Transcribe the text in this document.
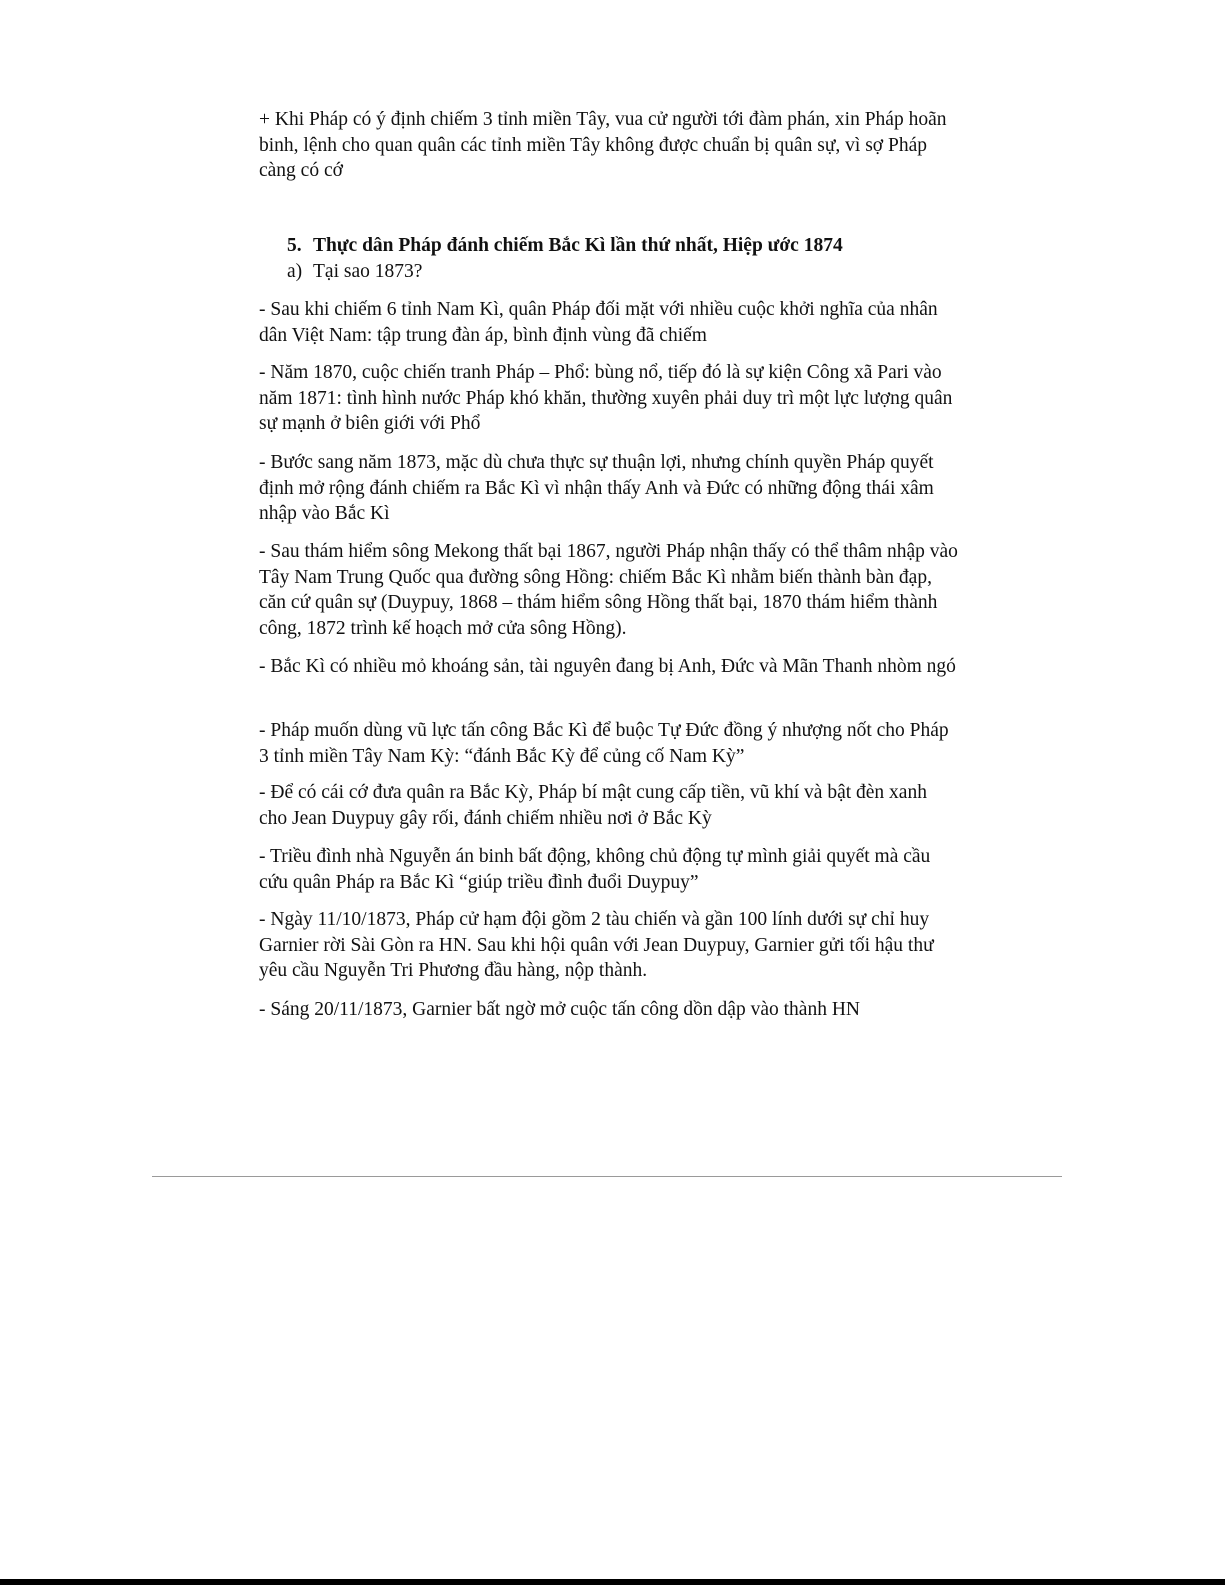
+ Khi Pháp có ý định chiếm 3 tỉnh miền Tây, vua cử người tới đàm phán, xin Pháp hoãn binh, lệnh cho quan quân các tỉnh miền Tây không được chuẩn bị quân sự, vì sợ Pháp càng có cớ

5. Thực dân Pháp đánh chiếm Bắc Kì lần thứ nhất, Hiệp ước 1874
a) Tại sao 1873?

- Sau khi chiếm 6 tỉnh Nam Kì, quân Pháp đối mặt với nhiều cuộc khởi nghĩa của nhân dân Việt Nam: tập trung đàn áp, bình định vùng đã chiếm

- Năm 1870, cuộc chiến tranh Pháp – Phổ: bùng nổ, tiếp đó là sự kiện Công xã Pari vào năm 1871: tình hình nước Pháp khó khăn, thường xuyên phải duy trì một lực lượng quân sự mạnh ở biên giới với Phổ

- Bước sang năm 1873, mặc dù chưa thực sự thuận lợi, nhưng chính quyền Pháp quyết định mở rộng đánh chiếm ra Bắc Kì vì nhận thấy Anh và Đức có những động thái xâm nhập vào Bắc Kì

- Sau thám hiểm sông Mekong thất bại 1867, người Pháp nhận thấy có thể thâm nhập vào Tây Nam Trung Quốc qua đường sông Hồng: chiếm Bắc Kì nhằm biến thành bàn đạp, căn cứ quân sự (Duypuy, 1868 – thám hiểm sông Hồng thất bại, 1870 thám hiểm thành công, 1872 trình kế hoạch mở cửa sông Hồng).

- Bắc Kì có nhiều mỏ khoáng sản, tài nguyên đang bị Anh, Đức và Mãn Thanh nhòm ngó

- Pháp muốn dùng vũ lực tấn công Bắc Kì để buộc Tự Đức đồng ý nhượng nốt cho Pháp 3 tỉnh miền Tây Nam Kỳ: “đánh Bắc Kỳ để củng cố Nam Kỳ”

- Để có cái cớ đưa quân ra Bắc Kỳ, Pháp bí mật cung cấp tiền, vũ khí và bật đèn xanh cho Jean Duypuy gây rối, đánh chiếm nhiều nơi ở Bắc Kỳ

- Triều đình nhà Nguyễn án binh bất động, không chủ động tự mình giải quyết mà cầu cứu quân Pháp ra Bắc Kì “giúp triều đình đuổi Duypuy”

- Ngày 11/10/1873, Pháp cử hạm đội gồm 2 tàu chiến và gần 100 lính dưới sự chỉ huy Garnier rời Sài Gòn ra HN. Sau khi hội quân với Jean Duypuy, Garnier gửi tối hậu thư yêu cầu Nguyễn Tri Phương đầu hàng, nộp thành.

- Sáng 20/11/1873, Garnier bất ngờ mở cuộc tấn công dồn dập vào thành HN
